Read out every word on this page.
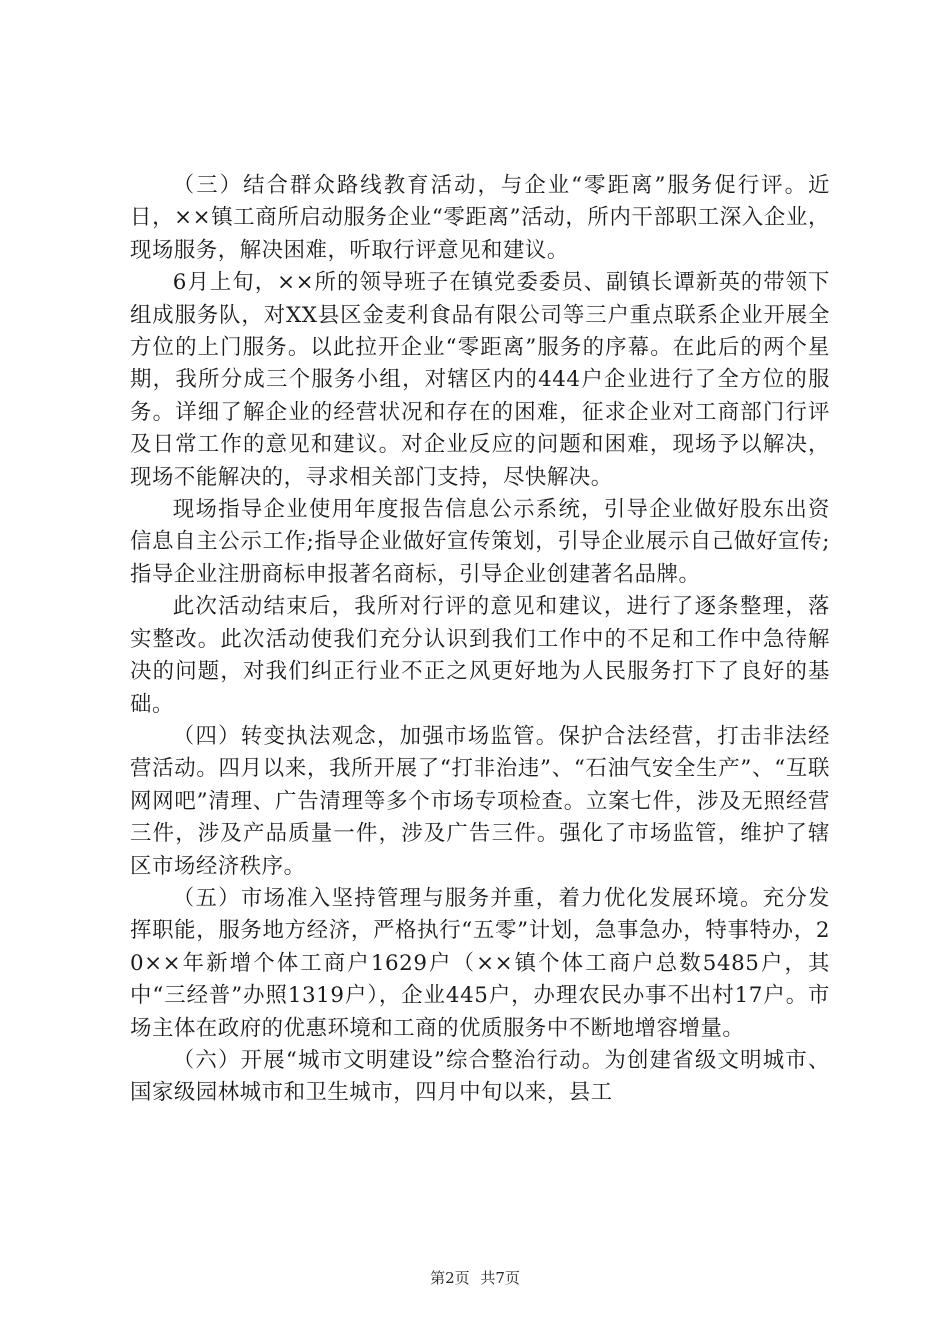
（三）结合群众路线教育活动，与企业“零距离”服务促行评。近日，××镇工商所启动服务企业“零距离”活动，所内干部职工深入企业，现场服务，解决困难，听取行评意见和建议。

6月上旬，××所的领导班子在镇党委委员、副镇长谭新英的带领下组成服务队，对XX县区金麦利食品有限公司等三户重点联系企业开展全方位的上门服务。以此拉开企业“零距离”服务的序幕。在此后的两个星期，我所分成三个服务小组，对辖区内的444户企业进行了全方位的服务。详细了解企业的经营状况和存在的困难，征求企业对工商部门行评及日常工作的意见和建议。对企业反应的问题和困难，现场予以解决，现场不能解决的，寻求相关部门支持，尽快解决。

现场指导企业使用年度报告信息公示系统，引导企业做好股东出资信息自主公示工作;指导企业做好宣传策划，引导企业展示自己做好宣传;指导企业注册商标申报著名商标，引导企业创建著名品牌。

此次活动结束后，我所对行评的意见和建议，进行了逐条整理，落实整改。此次活动使我们充分认识到我们工作中的不足和工作中急待解决的问题，对我们纠正行业不正之风更好地为人民服务打下了良好的基础。

（四）转变执法观念，加强市场监管。保护合法经营，打击非法经营活动。四月以来，我所开展了“打非治违”、“石油气安全生产”、“互联网网吧”清理、广告清理等多个市场专项检查。立案七件，涉及无照经营三件，涉及产品质量一件，涉及广告三件。强化了市场监管，维护了辖区市场经济秩序。

（五）市场准入坚持管理与服务并重，着力优化发展环境。充分发挥职能，服务地方经济，严格执行“五零”计划，急事急办，特事特办，20××年新增个体工商户1629户（××镇个体工商户总数5485户，其中“三经普”办照1319户），企业445户，办理农民办事不出村17户。市场主体在政府的优惠环境和工商的优质服务中不断地增容增量。

（六）开展“城市文明建设”综合整治行动。为创建省级文明城市、国家级园林城市和卫生城市，四月中旬以来，县工

第2页 共7页
